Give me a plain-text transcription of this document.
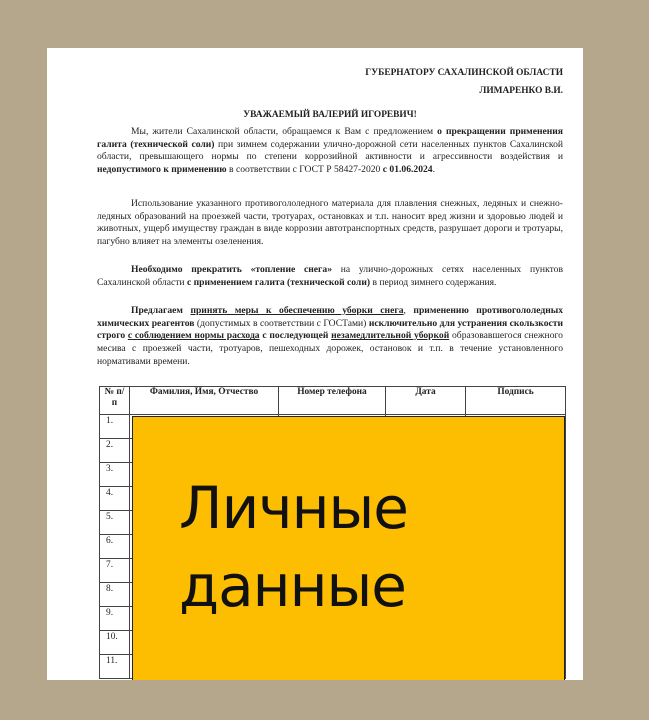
ГУБЕРНАТОРУ САХАЛИНСКОЙ ОБЛАСТИ
ЛИМАРЕНКО В.И.
УВАЖАЕМЫЙ ВАЛЕРИЙ ИГОРЕВИЧ!

Мы, жители Сахалинской области, обращаемся к Вам с предложением о прекращении применения галита (технической соли) при зимнем содержании улично-дорожной сети населенных пунктов Сахалинской области, превышающего нормы по степени коррозийной активности и агрессивности воздействия и недопустимого к применению в соответствии с ГОСТ Р 58427-2020 с 01.06.2024.

Использование указанного противогололедного материала для плавления снежных, ледяных и снежно-ледяных образований на проезжей части, тротуарах, остановках и т.п. наносит вред жизни и здоровью людей и животных, ущерб имуществу граждан в виде коррозии автотранспортных средств, разрушает дороги и тротуары, пагубно влияет на элементы озеленения.

Необходимо прекратить «топление снега» на улично-дорожных сетях населенных пунктов Сахалинской области с применением галита (технической соли) в период зимнего содержания.

Предлагаем принять меры к обеспечению уборки снега, применению противогололедных химических реагентов (допустимых в соответствии с ГОСТами) исключительно для устранения скользкости строго с соблюдением нормы расхода с последующей незамедлительной уборкой образовавшегося снежного месива с проезжей части, тротуаров, пешеходных дорожек, остановок и т.п. в течение установленного нормативами времени.

№ п/п	Фамилия, Имя, Отчество	Номер телефона	Дата	Подпись
1.				
2.				
3.				
4.				
5.				
6.				
7.				
8.				
9.				
10.				
11.				
Личные
данные
